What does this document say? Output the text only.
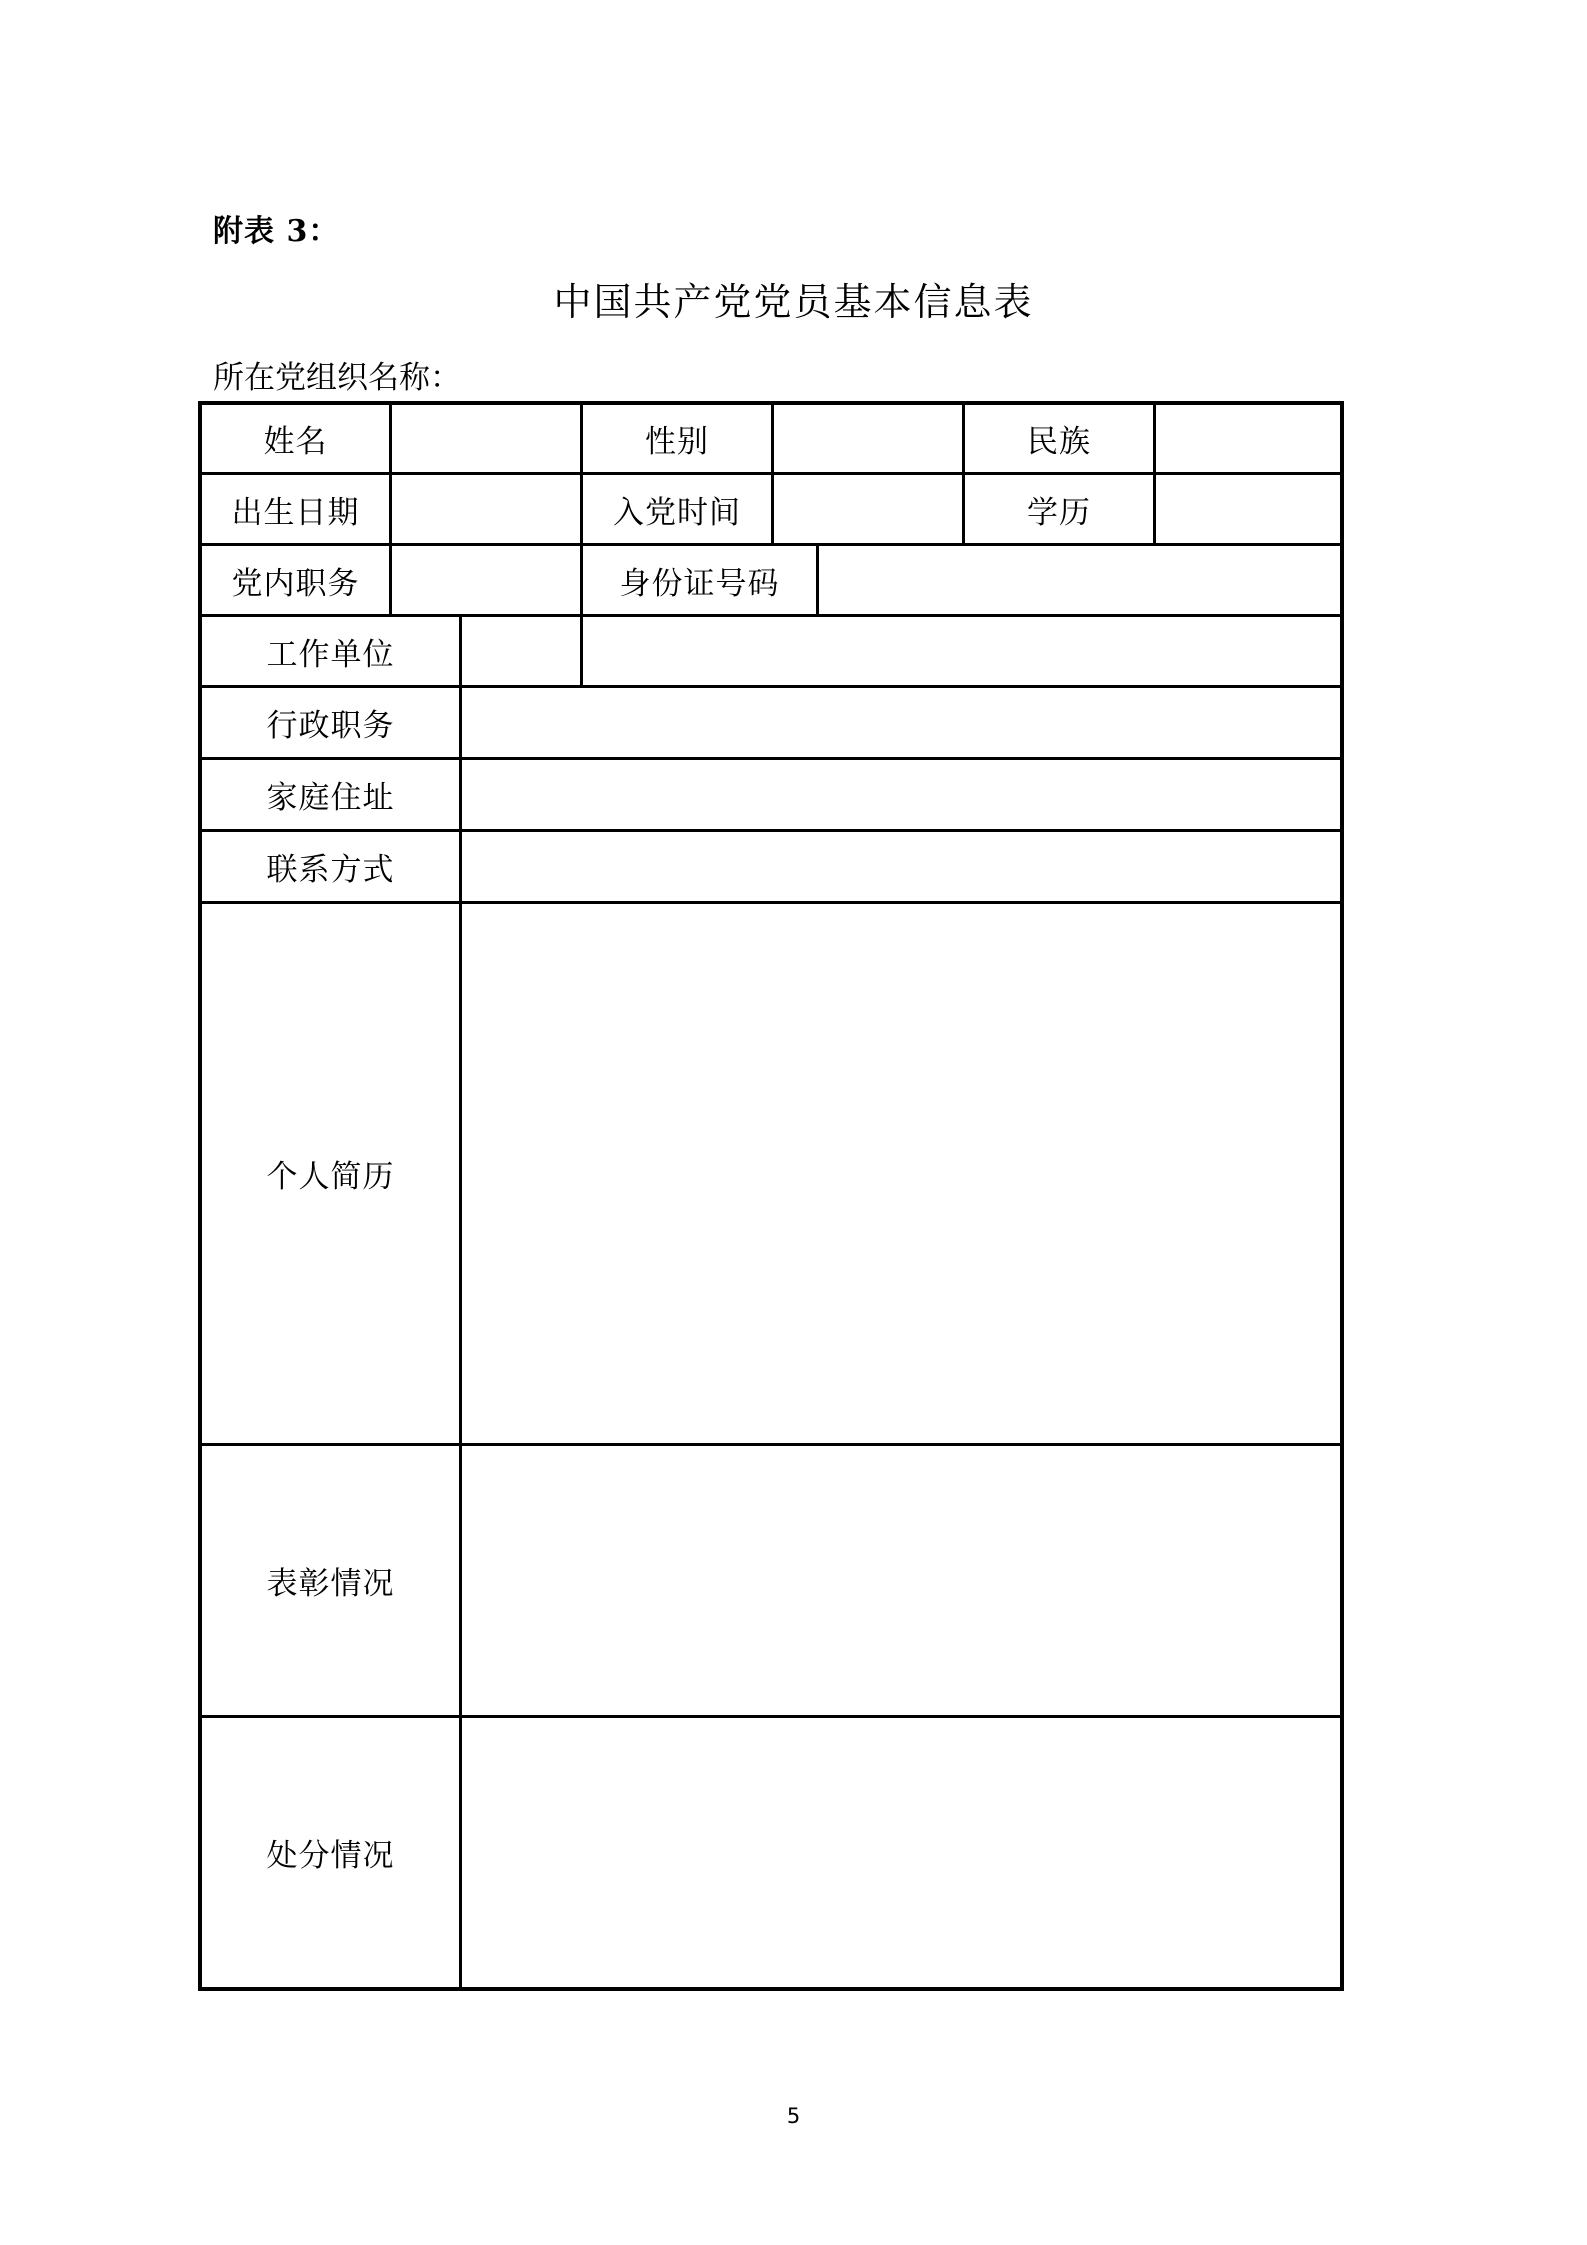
附表 3：
中国共产党党员基本信息表
所在党组织名称：
姓名	性别	民族
出生日期	入党时间	学历
党内职务	身份证号码
工作单位
行政职务
家庭住址
联系方式
个人简历
表彰情况
处分情况
5
